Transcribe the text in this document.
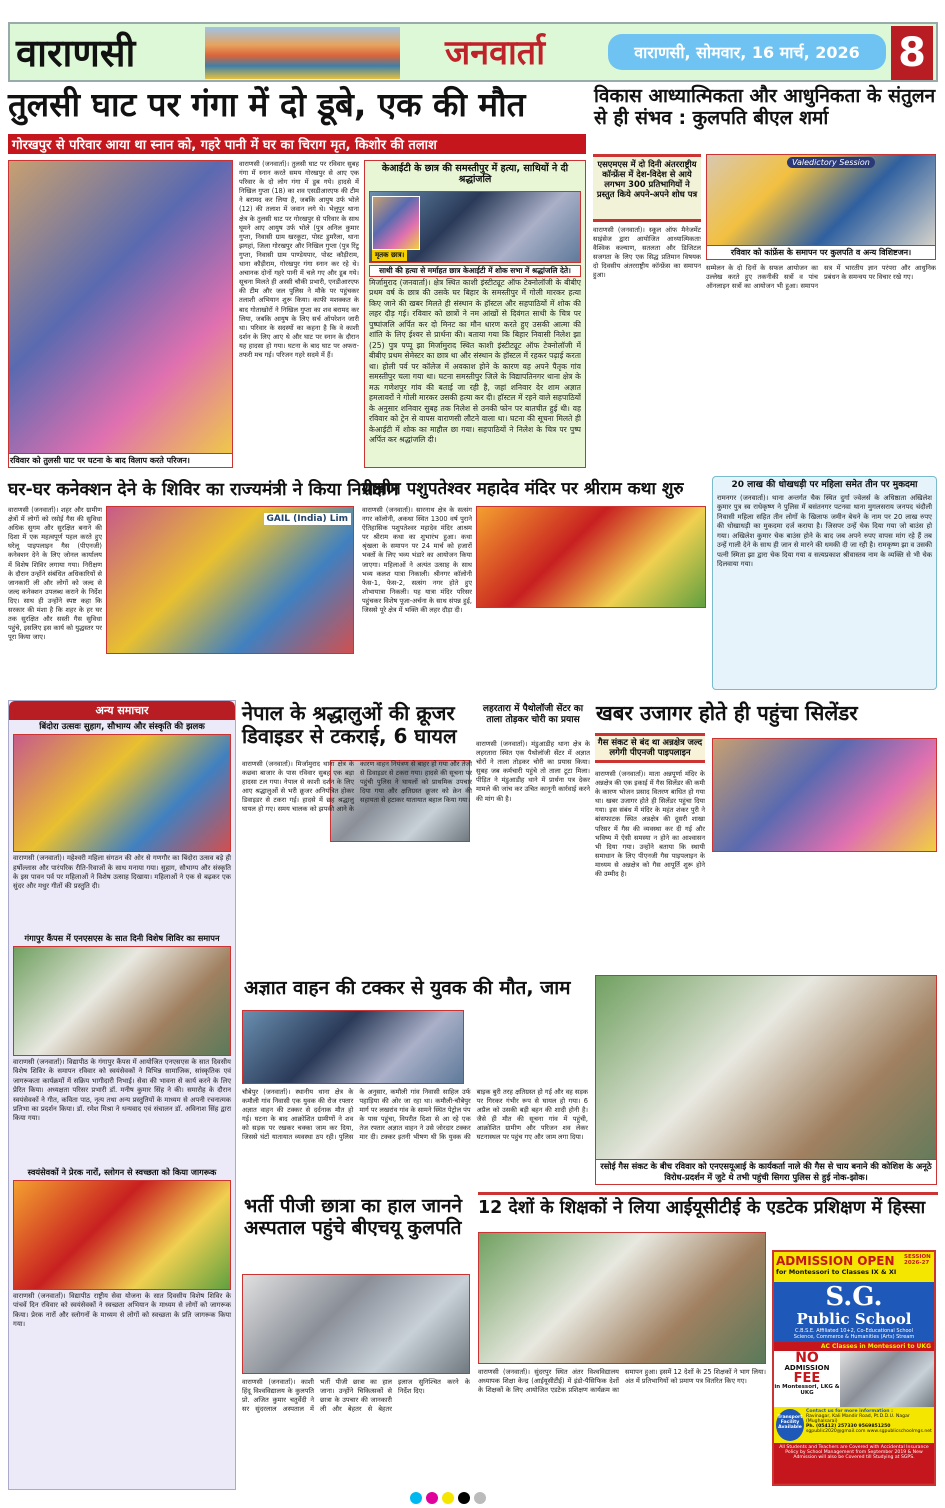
वाराणसी	जनवार्ता	वाराणसी, सोमवार, 16 मार्च, 2026 8
तुलसी घाट पर गंगा में दो डूबे, एक की मौत
गोरखपुर से परिवार आया था स्नान को, गहरे पानी में घर का चिराग मृत, किशोर की तलाश
रविवार को तुलसी घाट पर घटना के बाद विलाप करते परिजन।
वाराणसी (जनवार्ता)। तुलसी घाट पर रविवार सुबह गंगा में स्नान करते समय गोरखपुर से आए एक परिवार के दो लोग गंगा में डूब गये। हादसे में निखिल गुप्ता (18) का शव एसडीआरएफ की टीम ने बरामद कर लिया है, जबकि आयुष उर्फ भोले (12) की तलाश में जवान लगे थे। भेलूपुर थाना क्षेत्र के तुलसी घाट पर गोरखपुर से परिवार के साथ घूमने आए आयुष उर्फ भोले (पुत्र अनिल कुमार गुप्ता, निवासी ग्राम खरकूटा, पोस्ट डुमरैला, थाना झगहां, जिला गोरखपुर और निखिल गुप्ता (पुत्र रिंटू गुप्ता, निवासी ग्राम पाण्डेयपार, पोस्ट कौड़ीराम, थाना कौड़ीराम, गोरखपुर गंगा स्नान कर रहे थे। अचानक दोनों गहरे पानी में चले गए और डूब गये। सूचना मिलते ही अस्सी चौकी प्रभारी, एनडीआरएफ की टीम और जल पुलिस ने मौके पर पहुंचकर तलाशी अभियान शुरू किया। काफी मशक्कत के बाद गोताखोरों ने निखिल गुप्ता का शव बरामद कर लिया, जबकि आयुष के लिए सर्च ऑपरेशन जारी था। परिवार के सदस्यों का कहना है कि वे काशी दर्शन के लिए आए थे और घाट पर स्नान के दौरान यह हादसा हो गया। घटना के बाद घाट पर अफरा-तफरी मच गई। परिजन गहरे सदमे में हैं।
केआईटी के छात्र की समस्तीपुर में हत्या, साथियों ने दी श्रद्धांजलि
मृतक छात्र।
साथी की हत्या से मर्माहत छात्र केआईटी में शोक सभा में श्रद्धांजलि देते।
मिर्जामुराद (जनवार्ता)। क्षेत्र स्थित काशी इंस्टीट्यूट ऑफ टेक्नोलॉजी के बीबीए प्रथम वर्ष के छात्र की उसके घर बिहार के समस्तीपुर में गोली मारकर हत्या किए जाने की खबर मिलते ही संस्थान के हॉस्टल और सहपाठियों में शोक की लहर दौड़ गई। रविवार को छात्रों ने नम आंखों से दिवंगत साथी के चित्र पर पुष्पांजलि अर्पित कर दो मिनट का मौन धारण करते हुए उसकी आत्मा की शांति के लिए ईश्वर से प्रार्थना की। बताया गया कि बिहार निवासी निलेश झा (25) पुत्र पप्पू झा मिर्जामुराद स्थित काशी इंस्टीट्यूट ऑफ टेक्नोलॉजी में बीबीए प्रथम सेमेस्टर का छात्र था और संस्थान के हॉस्टल में रहकर पढ़ाई करता था। होली पर्व पर कॉलेज में अवकाश होने के कारण वह अपने पैतृक गांव समस्तीपुर चला गया था। घटना समस्तीपुर जिले के विद्यापतिनगर थाना क्षेत्र के मऊ गणेशपुर गांव की बताई जा रही है, जहां शनिवार देर शाम अज्ञात हमलावरों ने गोली मारकर उसकी हत्या कर दी। हॉस्टल में रहने वाले सहपाठियों के अनुसार शनिवार सुबह तक निलेश से उनकी फोन पर बातचीत हुई थी। वह रविवार को ट्रेन से वापस वाराणसी लौटने वाला था। घटना की सूचना मिलते ही केआईटी में शोक का माहौल छा गया। सहपाठियों ने निलेश के चित्र पर पुष्प अर्पित कर श्रद्धांजलि दी।
विकास आध्यात्मिकता और आधुनिकता के संतुलन से ही संभव : कुलपति बीएल शर्मा
एसएमएस में दो दिनी अंतरराष्ट्रीय कॉन्फ्रेंस में देश-विदेश से आये लगभग 300 प्रतिभागियों ने प्रस्तुत किये अपने-अपने शोध पत्र
वाराणसी (जनवार्ता)। स्कूल ऑफ मैनेजमेंट साइंसेज द्वारा आयोजित आध्यात्मिकताः वैश्विक कल्याण, सतलता और डिजिटल सजगता के लिए एक सिद्ध प्रतिमान विषयक दो दिवसीय अंतरराष्ट्रीय कॉन्फ्रेंस का समापन हुआ।
Valedictory Session
रविवार को कांफ्रेंस के समापन पर कुलपति व अन्य विशिष्टजन।
सम्मेलन के दो दिनों के सफल आयोजन का उल्लेख करते हुए तकनीकी सत्रों व पांच ऑनलाइन सत्रों का आयोजन भी हुआ। समापन सत्र में भारतीय ज्ञान परंपरा और आधुनिक प्रबंधन के समन्वय पर विचार रखे गए।
घर-घर कनेक्शन देने के शिविर का राज्यमंत्री ने किया निरीक्षण
GAIL (India) Lim
वाराणसी (जनवार्ता)। शहर और ग्रामीण क्षेत्रों में लोगों को रसोई गैस की सुविधा अधिक सुगम और सुरक्षित बनाने की दिशा में एक महत्वपूर्ण पहल करते हुए घरेलू पाइपलाइन गैस (पीएनजी) कनेक्शन देने के लिए जोनल कार्यालय में विशेष शिविर लगाया गया। निरीक्षण के दौरान उन्होंने संबंधित अधिकारियों से जानकारी ली और लोगों को जल्द से जल्द कनेक्शन उपलब्ध कराने के निर्देश दिए। साथ ही उन्होंने स्पष्ट कहा कि सरकार की मंशा है कि शहर के हर घर तक सुरक्षित और सस्ती गैस सुविधा पहुंचे, इसलिए इस कार्य को युद्धस्तर पर पूरा किया जाए।
प्राचीन पशुपतेश्वर महादेव मंदिर पर श्रीराम कथा शुरु
वाराणसी (जनवार्ता)। सारनाथ क्षेत्र के सत्संग नगर कॉलोनी, अकथा स्थित 1300 वर्ष पुराने ऐतिहासिक पशुपतेश्वर महादेव मंदिर आश्रम पर श्रीराम कथा का शुभारंभ हुआ। कथा श्रृंखला के समापन पर 24 मार्च को हजारों भक्तों के लिए भव्य भंडारे का आयोजन किया जाएगा। महिलाओं ने अत्यंत उत्साह के साथ भव्य कलश यात्रा निकाली। श्रीनगर कॉलोनी फेस-1, फेस-2, सत्संग नगर होते हुए शोभायात्रा निकली। यह यात्रा मंदिर परिसर पहुंचकर विशेष पूजा-अर्चना के साथ संपन्न हुई, जिससे पूरे क्षेत्र में भक्ति की लहर दौड़ा दी।
20 लाख की धोखधड़ी पर महिला समेत तीन पर मुकदमा
रामनगर (जनवार्ता)। थाना अन्तर्गत चैक स्थित दुर्गा ज्वेलर्स के अधिष्ठाता अखिलेश कुमार पुत्र स्व राधेकृष्ण ने पुलिस में बसंतनगर पटनवा थाना मुगलसराय जनपद चंदौली निवासी महिला सहित तीन लोगों के खिलाफ जमीन बेचने के नाम पर 20 लाख रुपए की धोखाधड़ी का मुकदमा दर्ज कराया है। जिसपर उन्हें चेक दिया गया जो बाउंस हो गया। अखिलेश कुमार चेक बाउंस होने के बाद जब अपने रुपए वापस मांग रहे हैं तब उन्हें गाली देने के साथ ही जान से मारने की धमकी दी जा रही है। रामकृष्ण झा व उसकी पत्नी स्मिता झा द्वारा चेक दिया गया व सत्यप्रकाश श्रीवास्तव नाम के व्यक्ति से भी चेक दिलवाया गया।
अन्य समाचार
बिंदोरा उत्सवः सुहाग, सौभाग्य और संस्कृति की झलक
वाराणसी (जनवार्ता)। महेश्वरी महिला संगठन की ओर से गणगौर का बिंदोरा उत्सव बड़े ही हर्षोल्लास और पारंपरिक रीति-रिवाजों के साथ मनाया गया। सुहाग, सौभाग्य और संस्कृति के इस पावन पर्व पर महिलाओं ने विशेष उत्साह दिखाया। महिलाओं ने एक से बढ़कर एक सुंदर और मधुर गीतों की प्रस्तुति दी।
गंगापुर कैंपस में एनएसएस के सात दिनी विशेष शिविर का समापन
वाराणसी (जनवार्ता)। विद्यापीठ के गंगापुर कैंपस में आयोजित एनएसएस के सात दिवसीय विशेष शिविर के समापन रविवार को स्वयंसेवकों ने विभिन्न सामाजिक, सांस्कृतिक एवं जागरूकता कार्यक्रमों में सक्रिय भागीदारी निभाई। सेवा की भावना से कार्य करने के लिए प्रेरित किया। अध्यक्षता परिसर प्रभारी डॉ. मनीष कुमार सिंह ने की। समारोह के दौरान स्वयंसेवकों ने गीत, कविता पाठ, नृत्य तथा अन्य प्रस्तुतियों के माध्यम से अपनी रचनात्मक प्रतिभा का प्रदर्शन किया। डॉ. रमेश मिश्रा ने धन्यवाद एवं संचालन डॉ. अविनाश सिंह द्वारा किया गया।
स्वयंसेवकों ने प्रेरक नारों, स्लोगन से स्वच्छता को किया जागरूक
वाराणसी (जनवार्ता)। विद्यापीठ राष्ट्रीय सेवा योजना के सात दिवसीय विशेष शिविर के पांचवें दिन रविवार को स्वयंसेवकों ने स्वच्छता अभियान के माध्यम से लोगों को जागरूक किया। प्रेरक नारों और स्लोगनों के माध्यम से लोगों को स्वच्छता के प्रति जागरूक किया गया।
नेपाल के श्रद्धालुओं की क्रूजर डिवाइडर से टकराई, 6 घायल
वाराणसी (जनवार्ता)। मिर्जामुराद थाना क्षेत्र के कछवा बाजार के पास रविवार सुबह एक बड़ा हादसा टल गया। नेपाल से काशी दर्शन के लिए आए श्रद्धालुओं से भरी क्रूजर अनियंत्रित होकर डिवाइडर से टकरा गई। हादसे में छह श्रद्धालु घायल हो गए। समय चालक को झपकी आने के कारण वाहन नियंत्रण से बाहर हो गया और तेजी से डिवाइडर से टकरा गया। हादसे की सूचना पर पहुंची पुलिस ने घायलों को प्राथमिक उपचार दिया गया और क्षतिग्रस्त क्रूजर को क्रेन की सहायता से हटाकर यातायात बहाल किया गया।
लहरतारा में पैथोलॉजी सेंटर का ताला तोड़कर चोरी का प्रयास
वाराणसी (जनवार्ता)। मंडुआडीह थाना क्षेत्र के लहरतारा स्थित एक पैथोलॉजी सेंटर में अज्ञात चोरों ने ताला तोड़कर चोरी का प्रयास किया। सुबह जब कर्मचारी पहुंचे तो ताला टूटा मिला। पीड़ित ने मंडुआडीह थाने में प्रार्थना पत्र देकर मामले की जांच कर उचित कानूनी कार्रवाई करने की मांग की है।
खबर उजागर होते ही पहुंचा सिलेंडर
गैस संकट से बंद था अन्नक्षेत्र जल्द लगेगी पीएनजी पाइपलाइन
वाराणसी (जनवार्ता)। माता अन्नपूर्णा मंदिर के अन्नक्षेत्र की एक इकाई में गैस सिलेंडर की कमी के कारण भोजन प्रसाद वितरण बाधित हो गया था। खबर उजागर होते ही सिलेंडर पहुंचा दिया गया। इस संबंध में मंदिर के महंत शंकर पुरी ने बांसफाटक स्थित अन्नक्षेत्र की दूसरी शाखा परिसर में गैस की व्यवस्था कर दी गई और भविष्य में ऐसी समस्या न होने का आश्वासन भी दिया गया। उन्होंने बताया कि स्थायी समाधान के लिए पीएनजी गैस पाइपलाइन के माध्यम से अन्नक्षेत्र को गैस आपूर्ति शुरू होने की उम्मीद है।
अज्ञात वाहन की टक्कर से युवक की मौत, जाम
चौबेपुर (जनवार्ता)। स्थानीय थाना क्षेत्र के कमौली गांव निवासी एक युवक की रोज रफ्तार अज्ञात वाहन की टक्कर से दर्दनाक मौत हो गई। घटना के बाद आक्रोशित ग्रामीणों ने शव को सड़क पर रखकर चक्का जाम कर दिया, जिससे घंटों यातायात व्यवस्था ठप रही। पुलिस के अनुसार, कमौली गांव निवासी साहिल उर्फ पहाड़िया की ओर जा रहा था। कमौली-चौबेपुर मार्ग पर लखरांव गांव के सामने स्थित पेट्रोल पंप के पास पहुंचा, विपरीत दिशा से आ रहे एक तेज रफ्तार अज्ञात वाहन ने उसे जोरदार टक्कर मार दी। टक्कर इतनी भीषण थी कि युवक की बाइक बुरी तरह क्षतिग्रस्त हो गई और वह सड़क पर गिरकर गंभीर रूप से घायल हो गया। 6 अप्रैल को उसकी बड़ी बहन की शादी होनी है। जैसे ही मौत की सूचना गांव में पहुंची, आक्रोशित ग्रामीण और परिजन शव लेकर घटनास्थल पर पहुंच गए और जाम लगा दिया।
रसोई गैस संकट के बीच रविवार को एनएसयूआई के कार्यकर्ता नाले की गैस से चाय बनाने की कोशिश के अनूठे विरोध-प्रदर्शन में जुटे थे तभी पहुंची सिगरा पुलिस से हुई नोक-झोक।
भर्ती पीजी छात्रा का हाल जानने अस्पताल पहुंचे बीएचयू कुलपति
वाराणसी (जनवार्ता)। काशी हिंदू विश्वविद्यालय के कुलपति प्रो. अजित कुमार चतुर्वेदी ने सर सुंदरलाल अस्पताल में भर्ती पीजी छात्रा का हाल जाना। उन्होंने चिकित्सकों से छात्रा के उपचार की जानकारी ली और बेहतर से बेहतर इलाज सुनिश्चित करने के निर्देश दिए।
12 देशों के शिक्षकों ने लिया आईयूसीटीई के एडटेक प्रशिक्षण में हिस्सा
वाराणसी (जनवार्ता)। सुंदरपुर स्थित अंतर विश्वविद्यालय अध्यापक शिक्षा केन्द्र (आईयूसीटीई) में इंडो-पैसिफिक देशों के शिक्षकों के लिए आयोजित एडटेक प्रशिक्षण कार्यक्रम का समापन हुआ। इसमें 12 देशों के 25 शिक्षकों ने भाग लिया। अंत में प्रतिभागियों को प्रमाण पत्र वितरित किए गए।
ADMISSION OPEN	SESSION 2026-27
for Montessori to Classes IX & XI
S.G.
Public School
C.B.S.E. Affiliated 10+2, Co-Educational School
Science, Commerce & Humanities (Arts) Stream
AC Classes in Montessori to UKG
NO
ADMISSION
FEE
in Montessori, LKG & UKG
Transport Facility Available
Contact us for more information :
Ravinagar, Kali Mandir Road, Pt.D.D.U. Nagar (Mughalsarai)
Ph. (05412) 257330 9569851250
sgpublic2020@gmail.com www.sgpublicschoolmgs.net
All Students and Teachers are Covered with Accidental Insurance Policy by School Management from September 2019 & New Admission will also be Covered till Studying at SGPS.
